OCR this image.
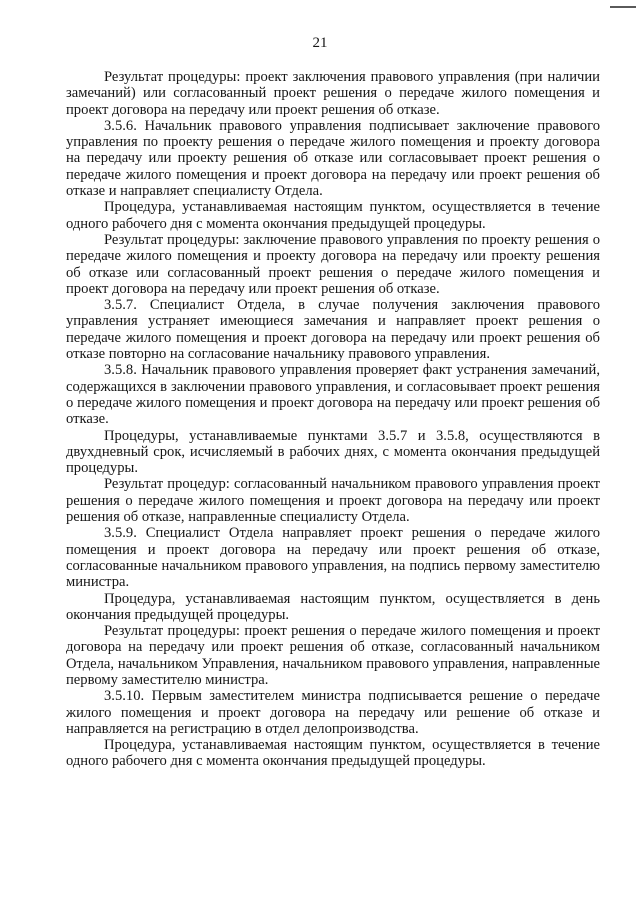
21

Результат процедуры: проект заключения правового управления (при наличии замечаний) или согласованный проект решения о передаче жилого помещения и проект договора на передачу или проект решения об отказе.

3.5.6. Начальник правового управления подписывает заключение правового управления по проекту решения о передаче жилого помещения и проекту договора на передачу или проекту решения об отказе или согласовывает проект решения о передаче жилого помещения и проект договора на передачу или проект решения об отказе и направляет специалисту Отдела.

Процедура, устанавливаемая настоящим пунктом, осуществляется в течение одного рабочего дня с момента окончания предыдущей процедуры.

Результат процедуры: заключение правового управления по проекту решения о передаче жилого помещения и проекту договора на передачу или проекту решения об отказе или согласованный проект решения о передаче жилого помещения и проект договора на передачу или проект решения об отказе.

3.5.7. Специалист Отдела, в случае получения заключения правового управления устраняет имеющиеся замечания и направляет проект решения о передаче жилого помещения и проект договора на передачу или проект решения об отказе повторно на согласование начальнику правового управления.

3.5.8. Начальник правового управления проверяет факт устранения замечаний, содержащихся в заключении правового управления, и согласовывает проект решения о передаче жилого помещения и проект договора на передачу или проект решения об отказе.

Процедуры, устанавливаемые пунктами 3.5.7 и 3.5.8, осуществляются в двухдневный срок, исчисляемый в рабочих днях, с момента окончания предыдущей процедуры.

Результат процедур: согласованный начальником правового управления проект решения о передаче жилого помещения и проект договора на передачу или проект решения об отказе, направленные специалисту Отдела.

3.5.9. Специалист Отдела направляет проект решения о передаче жилого помещения и проект договора на передачу или проект решения об отказе, согласованные начальником правового управления, на подпись первому заместителю министра.

Процедура, устанавливаемая настоящим пунктом, осуществляется в день окончания предыдущей процедуры.

Результат процедуры: проект решения о передаче жилого помещения и проект договора на передачу или проект решения об отказе, согласованный начальником Отдела, начальником Управления, начальником правового управления, направленные первому заместителю министра.

3.5.10. Первым заместителем министра подписывается решение о передаче жилого помещения и проект договора на передачу или решение об отказе и направляется на регистрацию в отдел делопроизводства.

Процедура, устанавливаемая настоящим пунктом, осуществляется в течение одного рабочего дня с момента окончания предыдущей процедуры.
